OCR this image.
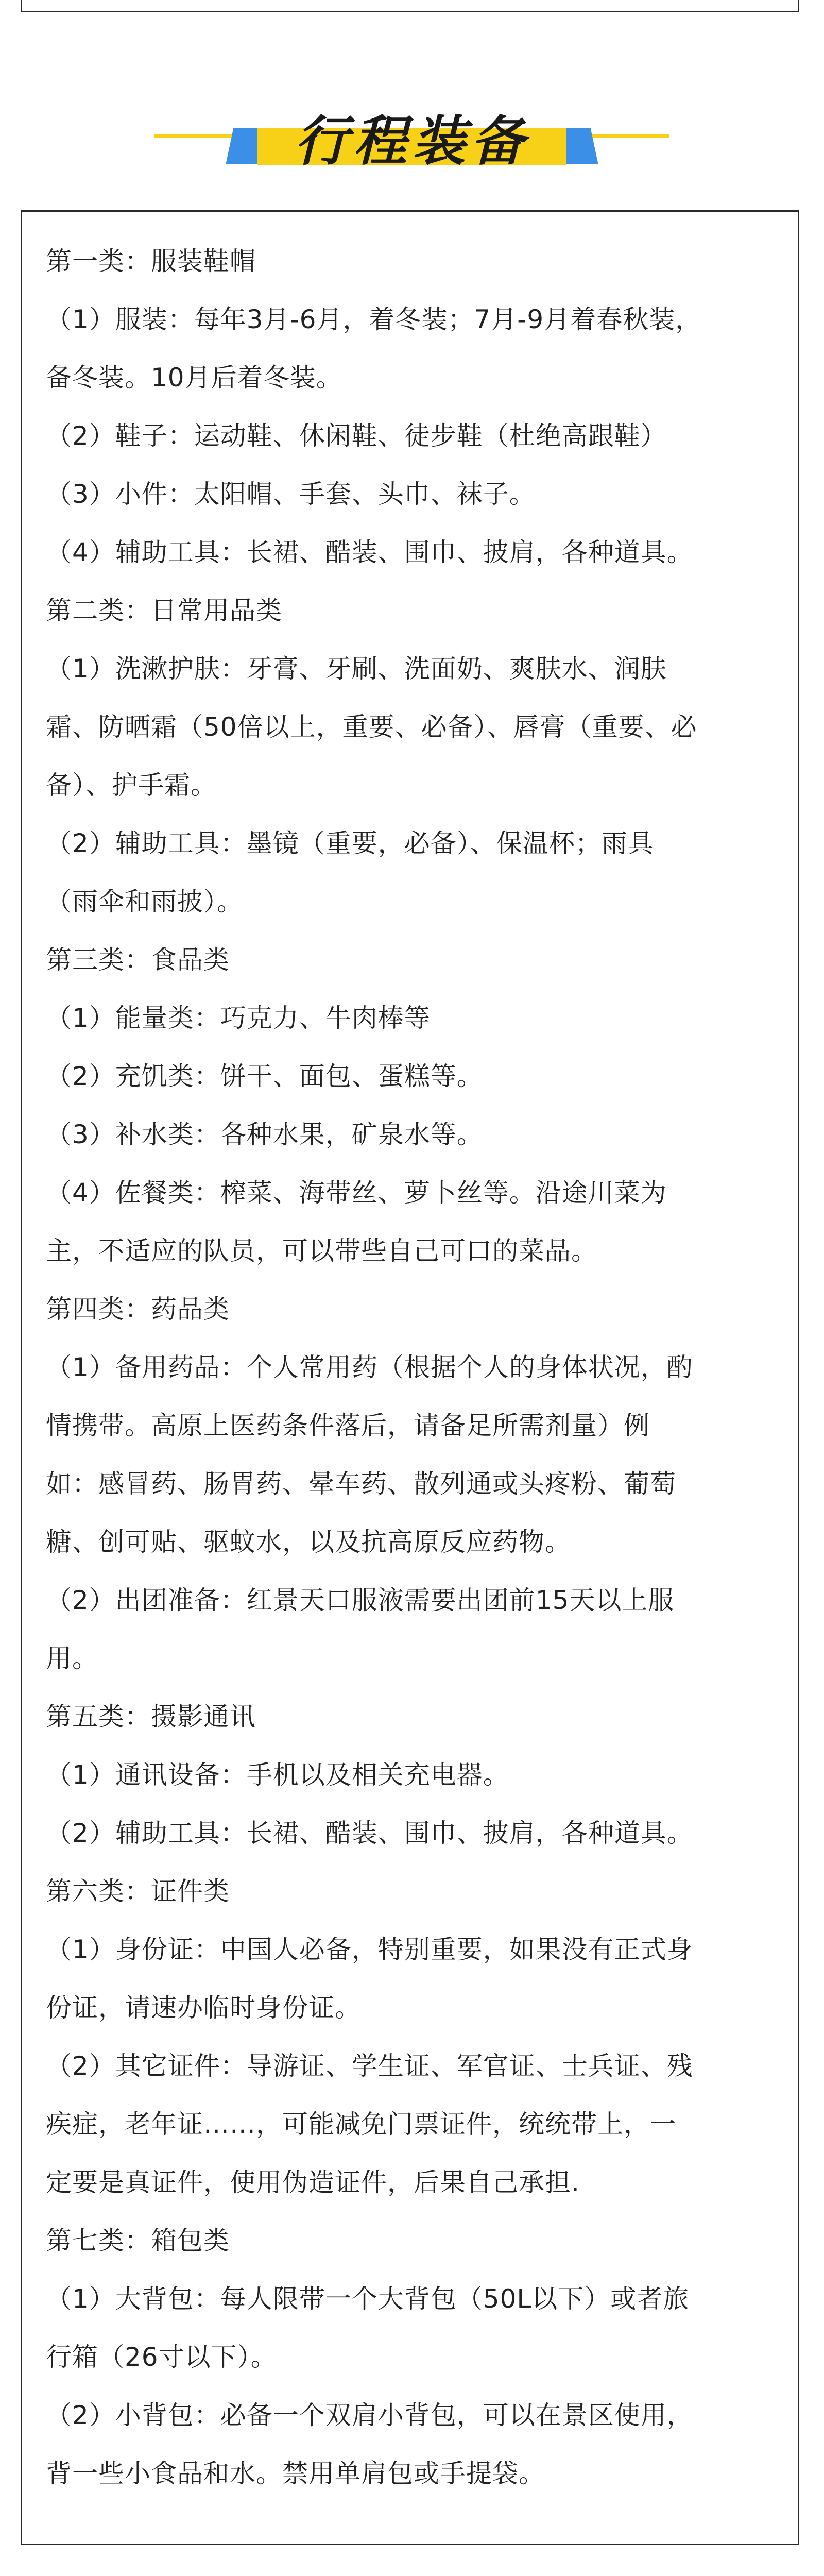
行程装备

第一类：服装鞋帽

（1）服装：每年3月-6月，着冬装；7月-9月着春秋装，

备冬装。10月后着冬装。

（2）鞋子：运动鞋、休闲鞋、徒步鞋（杜绝高跟鞋）

（3）小件：太阳帽、手套、头巾、袜子。

（4）辅助工具：长裙、酷装、围巾、披肩，各种道具。

第二类：日常用品类

（1）洗漱护肤：牙膏、牙刷、洗面奶、爽肤水、润肤

霜、防晒霜（50倍以上，重要、必备）、唇膏（重要、必

备）、护手霜。

（2）辅助工具：墨镜（重要，必备）、保温杯；雨具

（雨伞和雨披）。

第三类：食品类

（1）能量类：巧克力、牛肉棒等

（2）充饥类：饼干、面包、蛋糕等。

（3）补水类：各种水果，矿泉水等。

（4）佐餐类：榨菜、海带丝、萝卜丝等。沿途川菜为

主，不适应的队员，可以带些自己可口的菜品。

第四类：药品类

（1）备用药品：个人常用药（根据个人的身体状况，酌

情携带。高原上医药条件落后，请备足所需剂量）例

如：感冒药、肠胃药、晕车药、散列通或头疼粉、葡萄

糖、创可贴、驱蚊水，以及抗高原反应药物。

（2）出团准备：红景天口服液需要出团前15天以上服

用。

第五类：摄影通讯

（1）通讯设备：手机以及相关充电器。

（2）辅助工具：长裙、酷装、围巾、披肩，各种道具。

第六类：证件类

（1）身份证：中国人必备，特别重要，如果没有正式身

份证，请速办临时身份证。

（2）其它证件：导游证、学生证、军官证、士兵证、残

疾症，老年证……，可能减免门票证件，统统带上，一

定要是真证件，使用伪造证件，后果自己承担.

第七类：箱包类

（1）大背包：每人限带一个大背包（50L以下）或者旅

行箱（26寸以下）。

（2）小背包：必备一个双肩小背包，可以在景区使用，

背一些小食品和水。禁用单肩包或手提袋。
